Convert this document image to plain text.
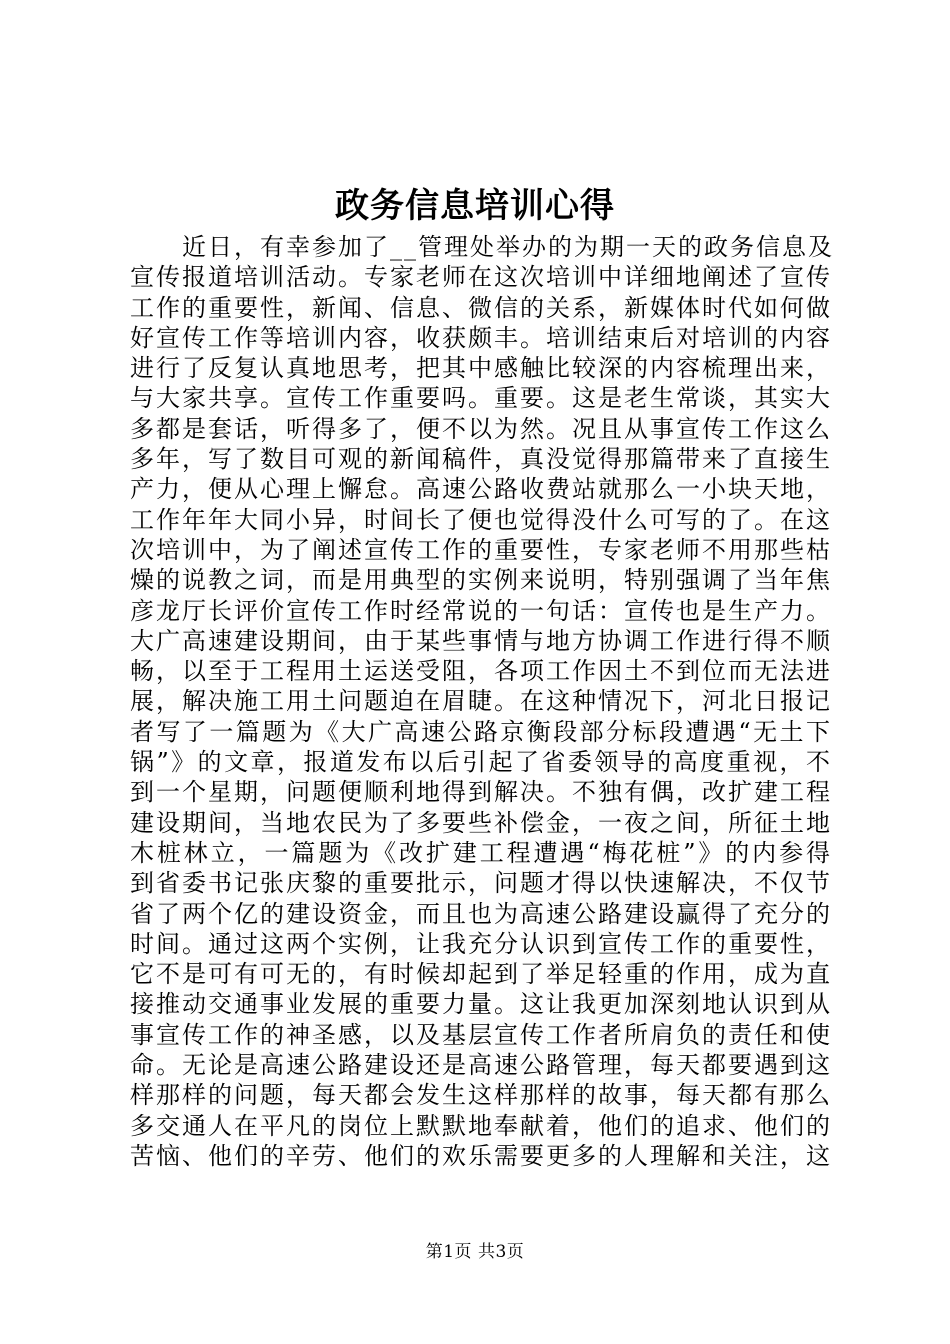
政务信息培训心得
近日，有幸参加了__管理处举办的为期一天的政务信息及
宣传报道培训活动。专家老师在这次培训中详细地阐述了宣传
工作的重要性，新闻、信息、微信的关系，新媒体时代如何做
好宣传工作等培训内容，收获颇丰。培训结束后对培训的内容
进行了反复认真地思考，把其中感触比较深的内容梳理出来，
与大家共享。宣传工作重要吗。重要。这是老生常谈，其实大
多都是套话，听得多了，便不以为然。况且从事宣传工作这么
多年，写了数目可观的新闻稿件，真没觉得那篇带来了直接生
产力，便从心理上懈怠。高速公路收费站就那么一小块天地，
工作年年大同小异，时间长了便也觉得没什么可写的了。在这
次培训中，为了阐述宣传工作的重要性，专家老师不用那些枯
燥的说教之词，而是用典型的实例来说明，特别强调了当年焦
彦龙厅长评价宣传工作时经常说的一句话：宣传也是生产力。
大广高速建设期间，由于某些事情与地方协调工作进行得不顺
畅，以至于工程用土运送受阻，各项工作因土不到位而无法进
展，解决施工用土问题迫在眉睫。在这种情况下，河北日报记
者写了一篇题为《大广高速公路京衡段部分标段遭遇“无土下
锅”》的文章，报道发布以后引起了省委领导的高度重视，不
到一个星期，问题便顺利地得到解决。不独有偶，改扩建工程
建设期间，当地农民为了多要些补偿金，一夜之间，所征土地
木桩林立，一篇题为《改扩建工程遭遇“梅花桩”》的内参得
到省委书记张庆黎的重要批示，问题才得以快速解决，不仅节
省了两个亿的建设资金，而且也为高速公路建设赢得了充分的
时间。通过这两个实例，让我充分认识到宣传工作的重要性，
它不是可有可无的，有时候却起到了举足轻重的作用，成为直
接推动交通事业发展的重要力量。这让我更加深刻地认识到从
事宣传工作的神圣感，以及基层宣传工作者所肩负的责任和使
命。无论是高速公路建设还是高速公路管理，每天都要遇到这
样那样的问题，每天都会发生这样那样的故事，每天都有那么
多交通人在平凡的岗位上默默地奉献着，他们的追求、他们的
苦恼、他们的辛劳、他们的欢乐需要更多的人理解和关注，这
第1页 共3页
